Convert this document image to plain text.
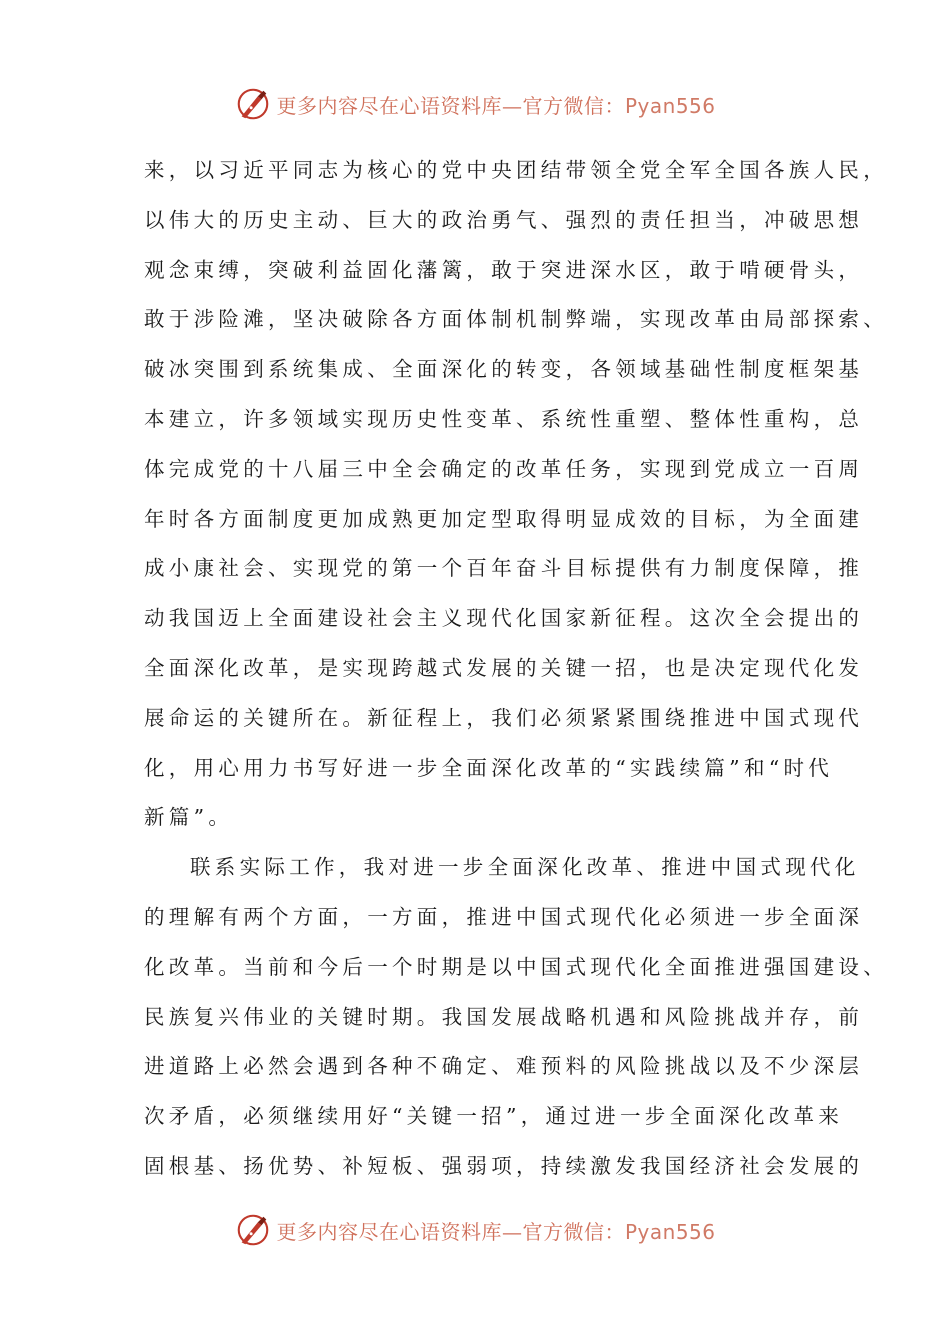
更多内容尽在心语资料库—官方微信：Pyan556
来，以习近平同志为核心的党中央团结带领全党全军全国各族人民，
以伟大的历史主动、巨大的政治勇气、强烈的责任担当，冲破思想
观念束缚，突破利益固化藩篱，敢于突进深水区，敢于啃硬骨头，
敢于涉险滩，坚决破除各方面体制机制弊端，实现改革由局部探索、
破冰突围到系统集成、全面深化的转变，各领域基础性制度框架基
本建立，许多领域实现历史性变革、系统性重塑、整体性重构，总
体完成党的十八届三中全会确定的改革任务，实现到党成立一百周
年时各方面制度更加成熟更加定型取得明显成效的目标，为全面建
成小康社会、实现党的第一个百年奋斗目标提供有力制度保障，推
动我国迈上全面建设社会主义现代化国家新征程。这次全会提出的
全面深化改革，是实现跨越式发展的关键一招，也是决定现代化发
展命运的关键所在。新征程上，我们必须紧紧围绕推进中国式现代
化，用心用力书写好进一步全面深化改革的“实践续篇”和“时代
新篇”。
联系实际工作，我对进一步全面深化改革、推进中国式现代化
的理解有两个方面，一方面，推进中国式现代化必须进一步全面深
化改革。当前和今后一个时期是以中国式现代化全面推进强国建设、
民族复兴伟业的关键时期。我国发展战略机遇和风险挑战并存，前
进道路上必然会遇到各种不确定、难预料的风险挑战以及不少深层
次矛盾，必须继续用好“关键一招”，通过进一步全面深化改革来
固根基、扬优势、补短板、强弱项，持续激发我国经济社会发展的
更多内容尽在心语资料库—官方微信：Pyan556
